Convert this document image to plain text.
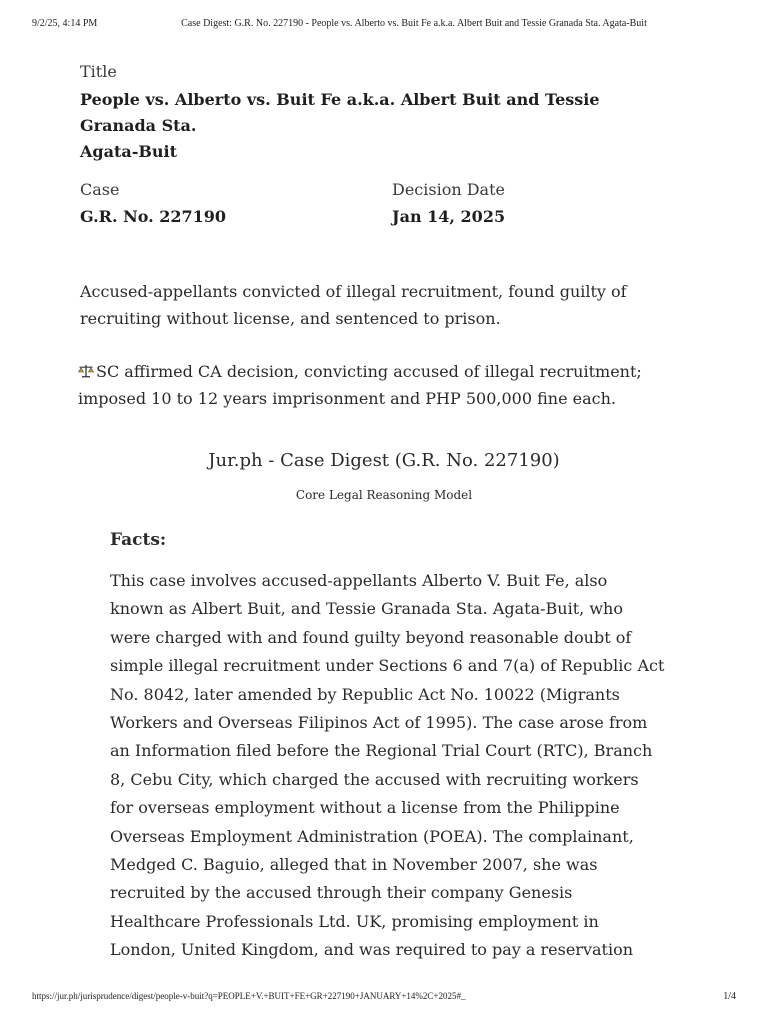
9/2/25, 4:14 PM	Case Digest: G.R. No. 227190 - People vs. Alberto vs. Buit Fe a.k.a. Albert Buit and Tessie Granada Sta. Agata-Buit
Title
People vs. Alberto vs. Buit Fe a.k.a. Albert Buit and Tessie Granada Sta.
Agata-Buit
Case
G.R. No. 227190
Decision Date
Jan 14, 2025
Accused-appellants convicted of illegal recruitment, found guilty of
recruiting without license, and sentenced to prison.
SC affirmed CA decision, convicting accused of illegal recruitment;
imposed 10 to 12 years imprisonment and PHP 500,000 fine each.
Jur.ph - Case Digest (G.R. No. 227190)
Core Legal Reasoning Model
Facts:
This case involves accused-appellants Alberto V. Buit Fe, also
known as Albert Buit, and Tessie Granada Sta. Agata-Buit, who
were charged with and found guilty beyond reasonable doubt of
simple illegal recruitment under Sections 6 and 7(a) of Republic Act
No. 8042, later amended by Republic Act No. 10022 (Migrants
Workers and Overseas Filipinos Act of 1995). The case arose from
an Information filed before the Regional Trial Court (RTC), Branch
8, Cebu City, which charged the accused with recruiting workers
for overseas employment without a license from the Philippine
Overseas Employment Administration (POEA). The complainant,
Medged C. Baguio, alleged that in November 2007, she was
recruited by the accused through their company Genesis
Healthcare Professionals Ltd. UK, promising employment in
London, United Kingdom, and was required to pay a reservation
https://jur.ph/jurisprudence/digest/people-v-buit?q=PEOPLE+V.+BUIT+FE+GR+227190+JANUARY+14%2C+2025#_	1/4
